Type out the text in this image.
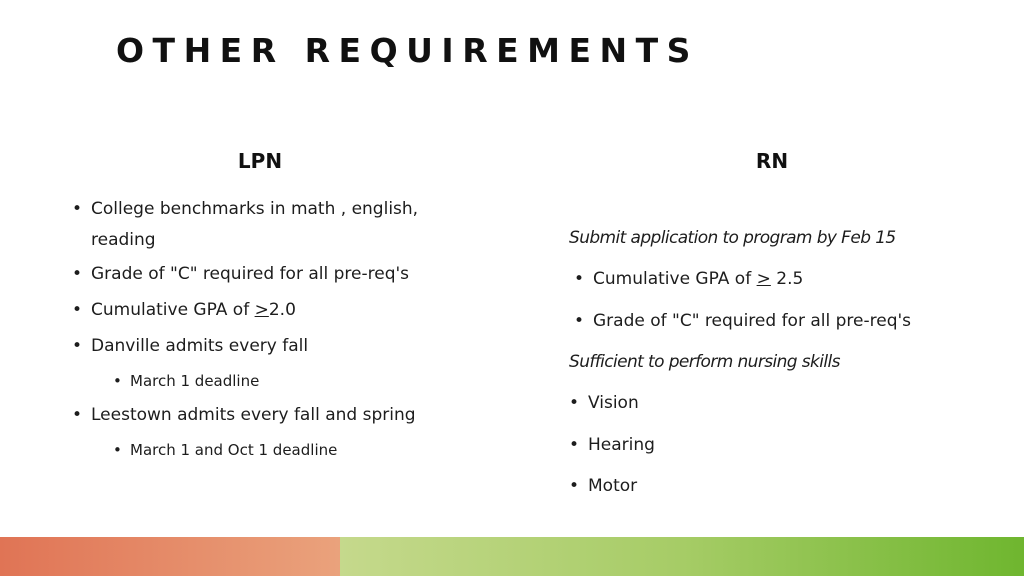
OTHER REQUIREMENTS
LPN	RN
• College benchmarks in math , english,
reading
• Grade of "C" required for all pre-req's
• Cumulative GPA of >2.0
• Danville admits every fall
• March 1 deadline
• Leestown admits every fall and spring
• March 1 and Oct 1 deadline
Submit application to program by Feb 15
• Cumulative GPA of > 2.5
• Grade of "C" required for all pre-req's
Sufficient to perform nursing skills
• Vision
• Hearing
• Motor
